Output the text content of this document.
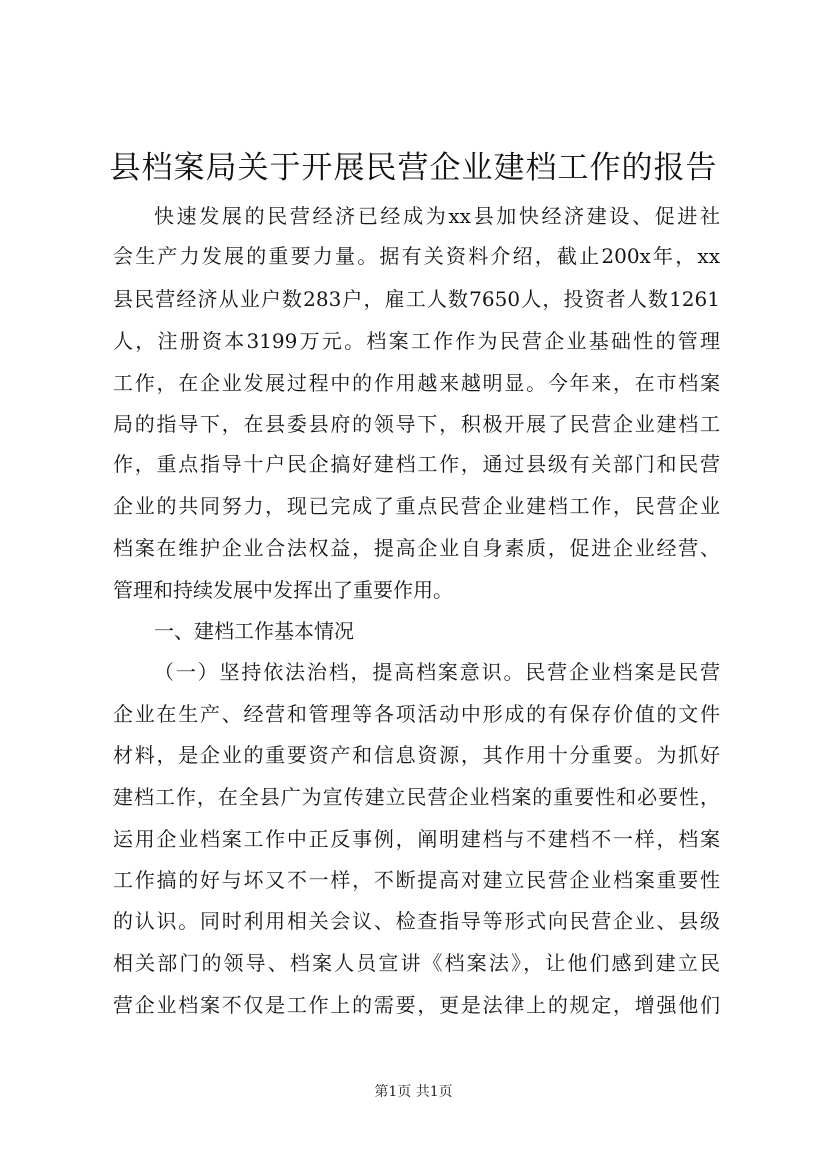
县档案局关于开展民营企业建档工作的报告
快速发展的民营经济已经成为xx县加快经济建设、促进社
会生产力发展的重要力量。据有关资料介绍，截止200x年，xx
县民营经济从业户数283户，雇工人数7650人，投资者人数1261
人，注册资本3199万元。档案工作作为民营企业基础性的管理
工作，在企业发展过程中的作用越来越明显。今年来，在市档案
局的指导下，在县委县府的领导下，积极开展了民营企业建档工
作，重点指导十户民企搞好建档工作，通过县级有关部门和民营
企业的共同努力，现已完成了重点民营企业建档工作，民营企业
档案在维护企业合法权益，提高企业自身素质，促进企业经营、
管理和持续发展中发挥出了重要作用。
一、建档工作基本情况
（一）坚持依法治档，提高档案意识。民营企业档案是民营
企业在生产、经营和管理等各项活动中形成的有保存价值的文件
材料，是企业的重要资产和信息资源，其作用十分重要。为抓好
建档工作，在全县广为宣传建立民营企业档案的重要性和必要性，
运用企业档案工作中正反事例，阐明建档与不建档不一样，档案
工作搞的好与坏又不一样，不断提高对建立民营企业档案重要性
的认识。同时利用相关会议、检查指导等形式向民营企业、县级
相关部门的领导、档案人员宣讲《档案法》，让他们感到建立民
营企业档案不仅是工作上的需要，更是法律上的规定，增强他们
第1页 共1页
